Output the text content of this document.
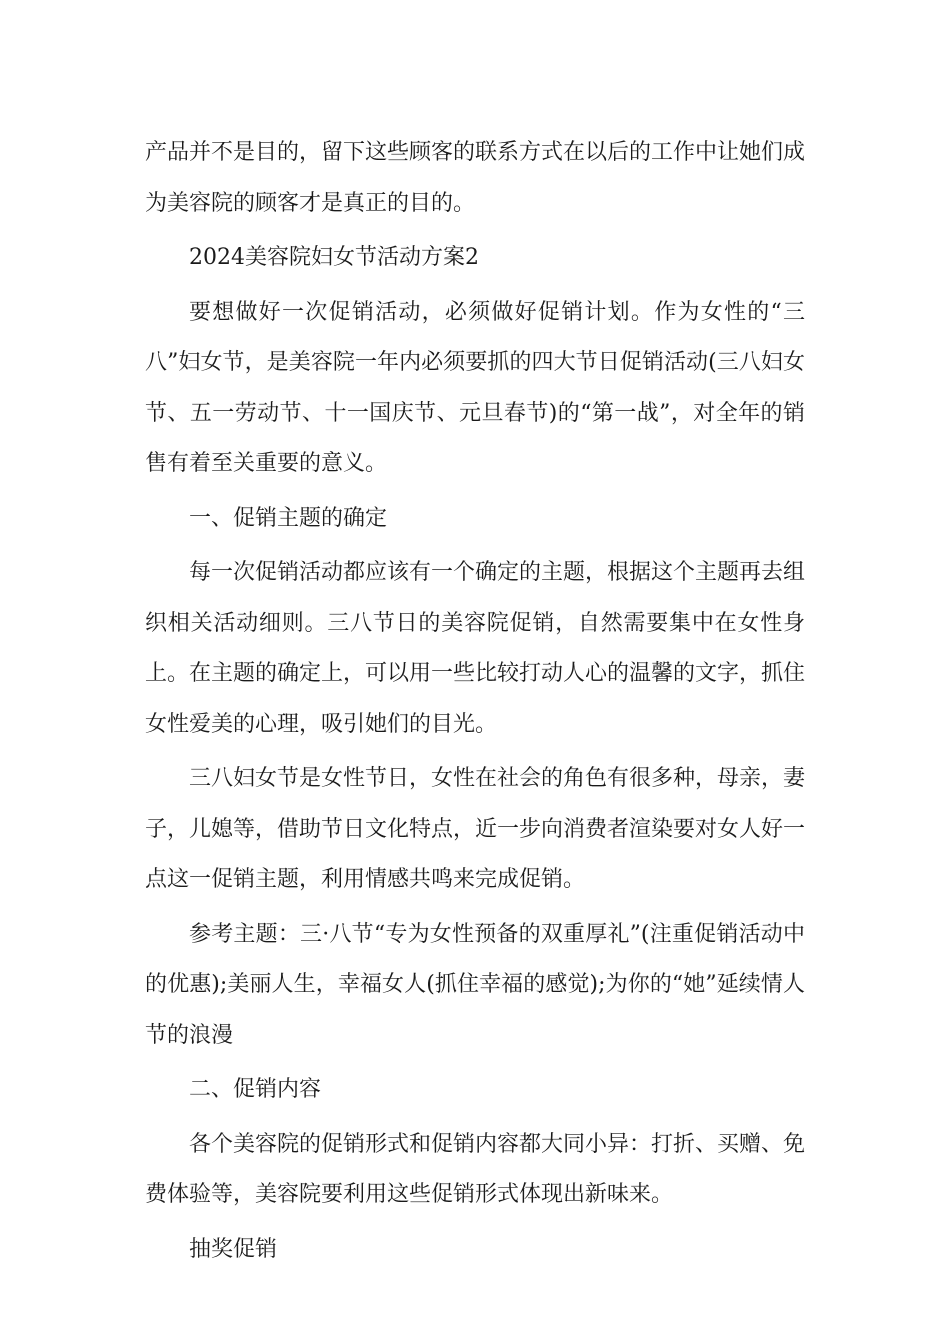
产品并不是目的，留下这些顾客的联系方式在以后的工作中让她们成为美容院的顾客才是真正的目的。

2024美容院妇女节活动方案2

要想做好一次促销活动，必须做好促销计划。作为女性的“三八”妇女节，是美容院一年内必须要抓的四大节日促销活动(三八妇女节、五一劳动节、十一国庆节、元旦春节)的“第一战”，对全年的销售有着至关重要的意义。

一、促销主题的确定

每一次促销活动都应该有一个确定的主题，根据这个主题再去组织相关活动细则。三八节日的美容院促销，自然需要集中在女性身上。在主题的确定上，可以用一些比较打动人心的温馨的文字，抓住女性爱美的心理，吸引她们的目光。

三八妇女节是女性节日，女性在社会的角色有很多种，母亲，妻子，儿媳等，借助节日文化特点，近一步向消费者渲染要对女人好一点这一促销主题，利用情感共鸣来完成促销。

参考主题：三·八节“专为女性预备的双重厚礼”(注重促销活动中的优惠);美丽人生，幸福女人(抓住幸福的感觉);为你的“她”延续情人节的浪漫

二、促销内容

各个美容院的促销形式和促销内容都大同小异：打折、买赠、免费体验等，美容院要利用这些促销形式体现出新味来。

抽奖促销
